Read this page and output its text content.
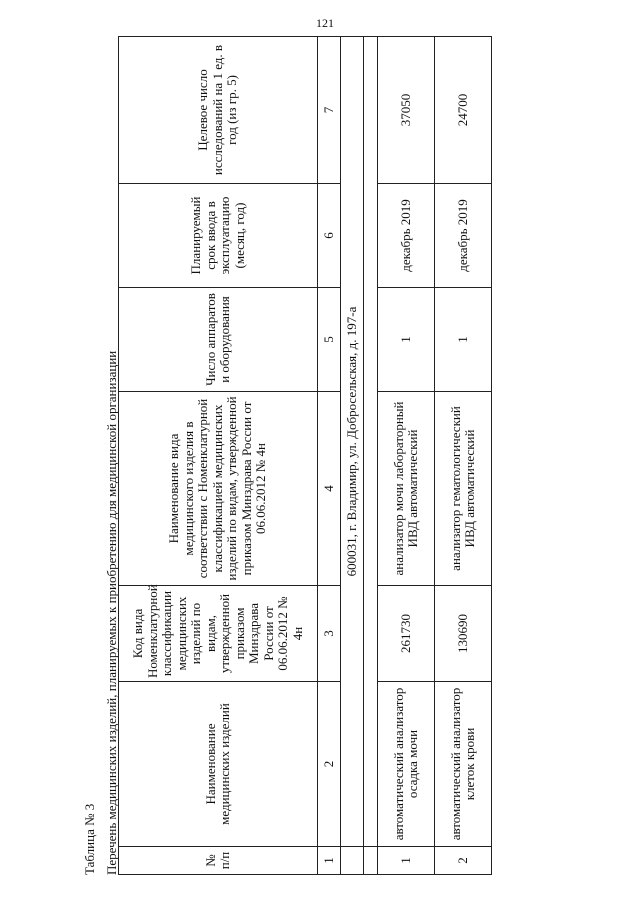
121
Таблица № 3 Перечень медицинских изделий, планируемых к приобретению для медицинской организации	№ п/п	Наименование медицинских изделий	Код вида Номенклатурной классификации медицинских изделий по видам, утвержденной приказом Минздрава России от 06.06.2012 № 4н	Наименование вида медицинского изделия в соответствии с Номенклатурной классификацией медицинских изделий по видам, утвержденной приказом Минздрава России от 06.06.2012 № 4н	Число аппаратов и оборудования	Планируемый срок ввода в эксплуатацию (месяц, год)	Целевое число исследований на 1 ед. в год (из гр. 5)
1	2	3	4	5	6	7
	600031, г. Владимир, ул. Добросельская, д. 197-а					

1	автоматический анализатор осадка мочи	261730	анализатор мочи лабораторный ИВД автоматический	1	декабрь 2019	37050
2	автоматический анализатор клеток крови	130690	анализатор гематологический ИВД автоматический	1	декабрь 2019	24700
